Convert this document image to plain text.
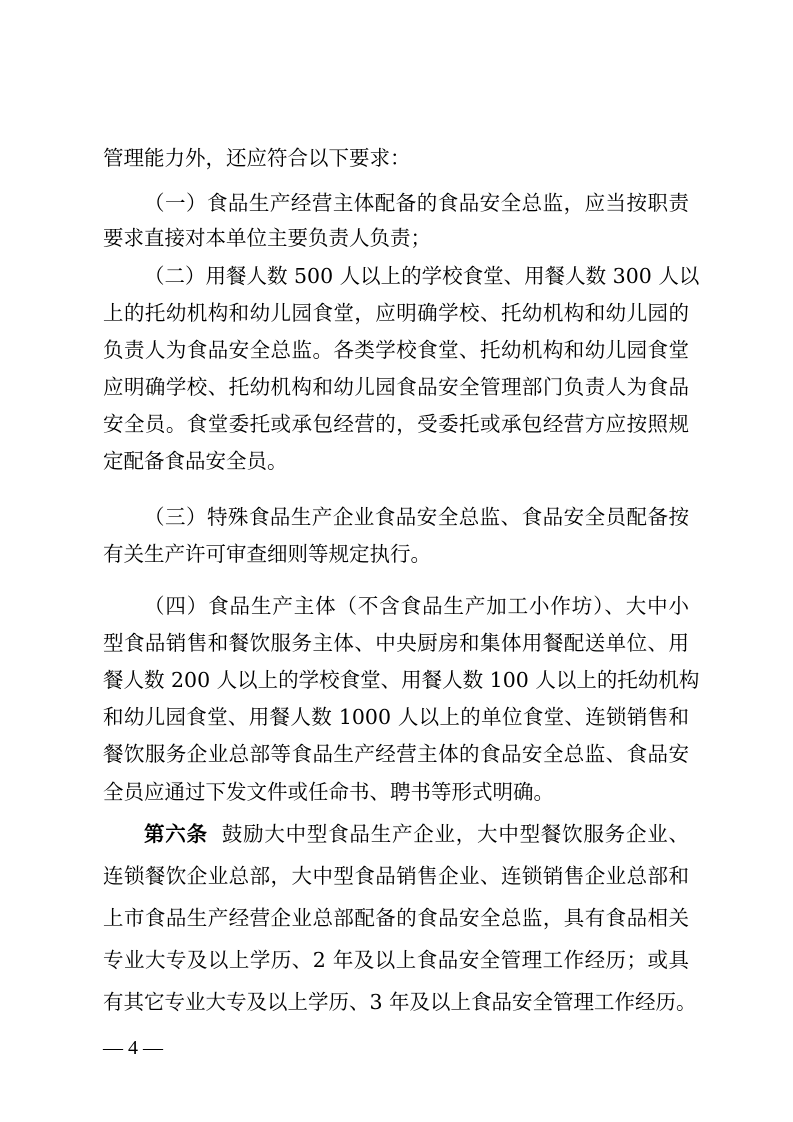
管理能力外，还应符合以下要求：
（一）食品生产经营主体配备的食品安全总监，应当按职责
要求直接对本单位主要负责人负责；
（二）用餐人数 500 人以上的学校食堂、用餐人数 300 人以
上的托幼机构和幼儿园食堂，应明确学校、托幼机构和幼儿园的
负责人为食品安全总监。各类学校食堂、托幼机构和幼儿园食堂
应明确学校、托幼机构和幼儿园食品安全管理部门负责人为食品
安全员。食堂委托或承包经营的，受委托或承包经营方应按照规
定配备食品安全员。
（三）特殊食品生产企业食品安全总监、食品安全员配备按
有关生产许可审查细则等规定执行。
（四）食品生产主体（不含食品生产加工小作坊）、大中小
型食品销售和餐饮服务主体、中央厨房和集体用餐配送单位、用
餐人数 200 人以上的学校食堂、用餐人数 100 人以上的托幼机构
和幼儿园食堂、用餐人数 1000 人以上的单位食堂、连锁销售和
餐饮服务企业总部等食品生产经营主体的食品安全总监、食品安
全员应通过下发文件或任命书、聘书等形式明确。
第六条 鼓励大中型食品生产企业，大中型餐饮服务企业、
连锁餐饮企业总部，大中型食品销售企业、连锁销售企业总部和
上市食品生产经营企业总部配备的食品安全总监，具有食品相关
专业大专及以上学历、2 年及以上食品安全管理工作经历；或具
有其它专业大专及以上学历、3 年及以上食品安全管理工作经历。
— 4 —
